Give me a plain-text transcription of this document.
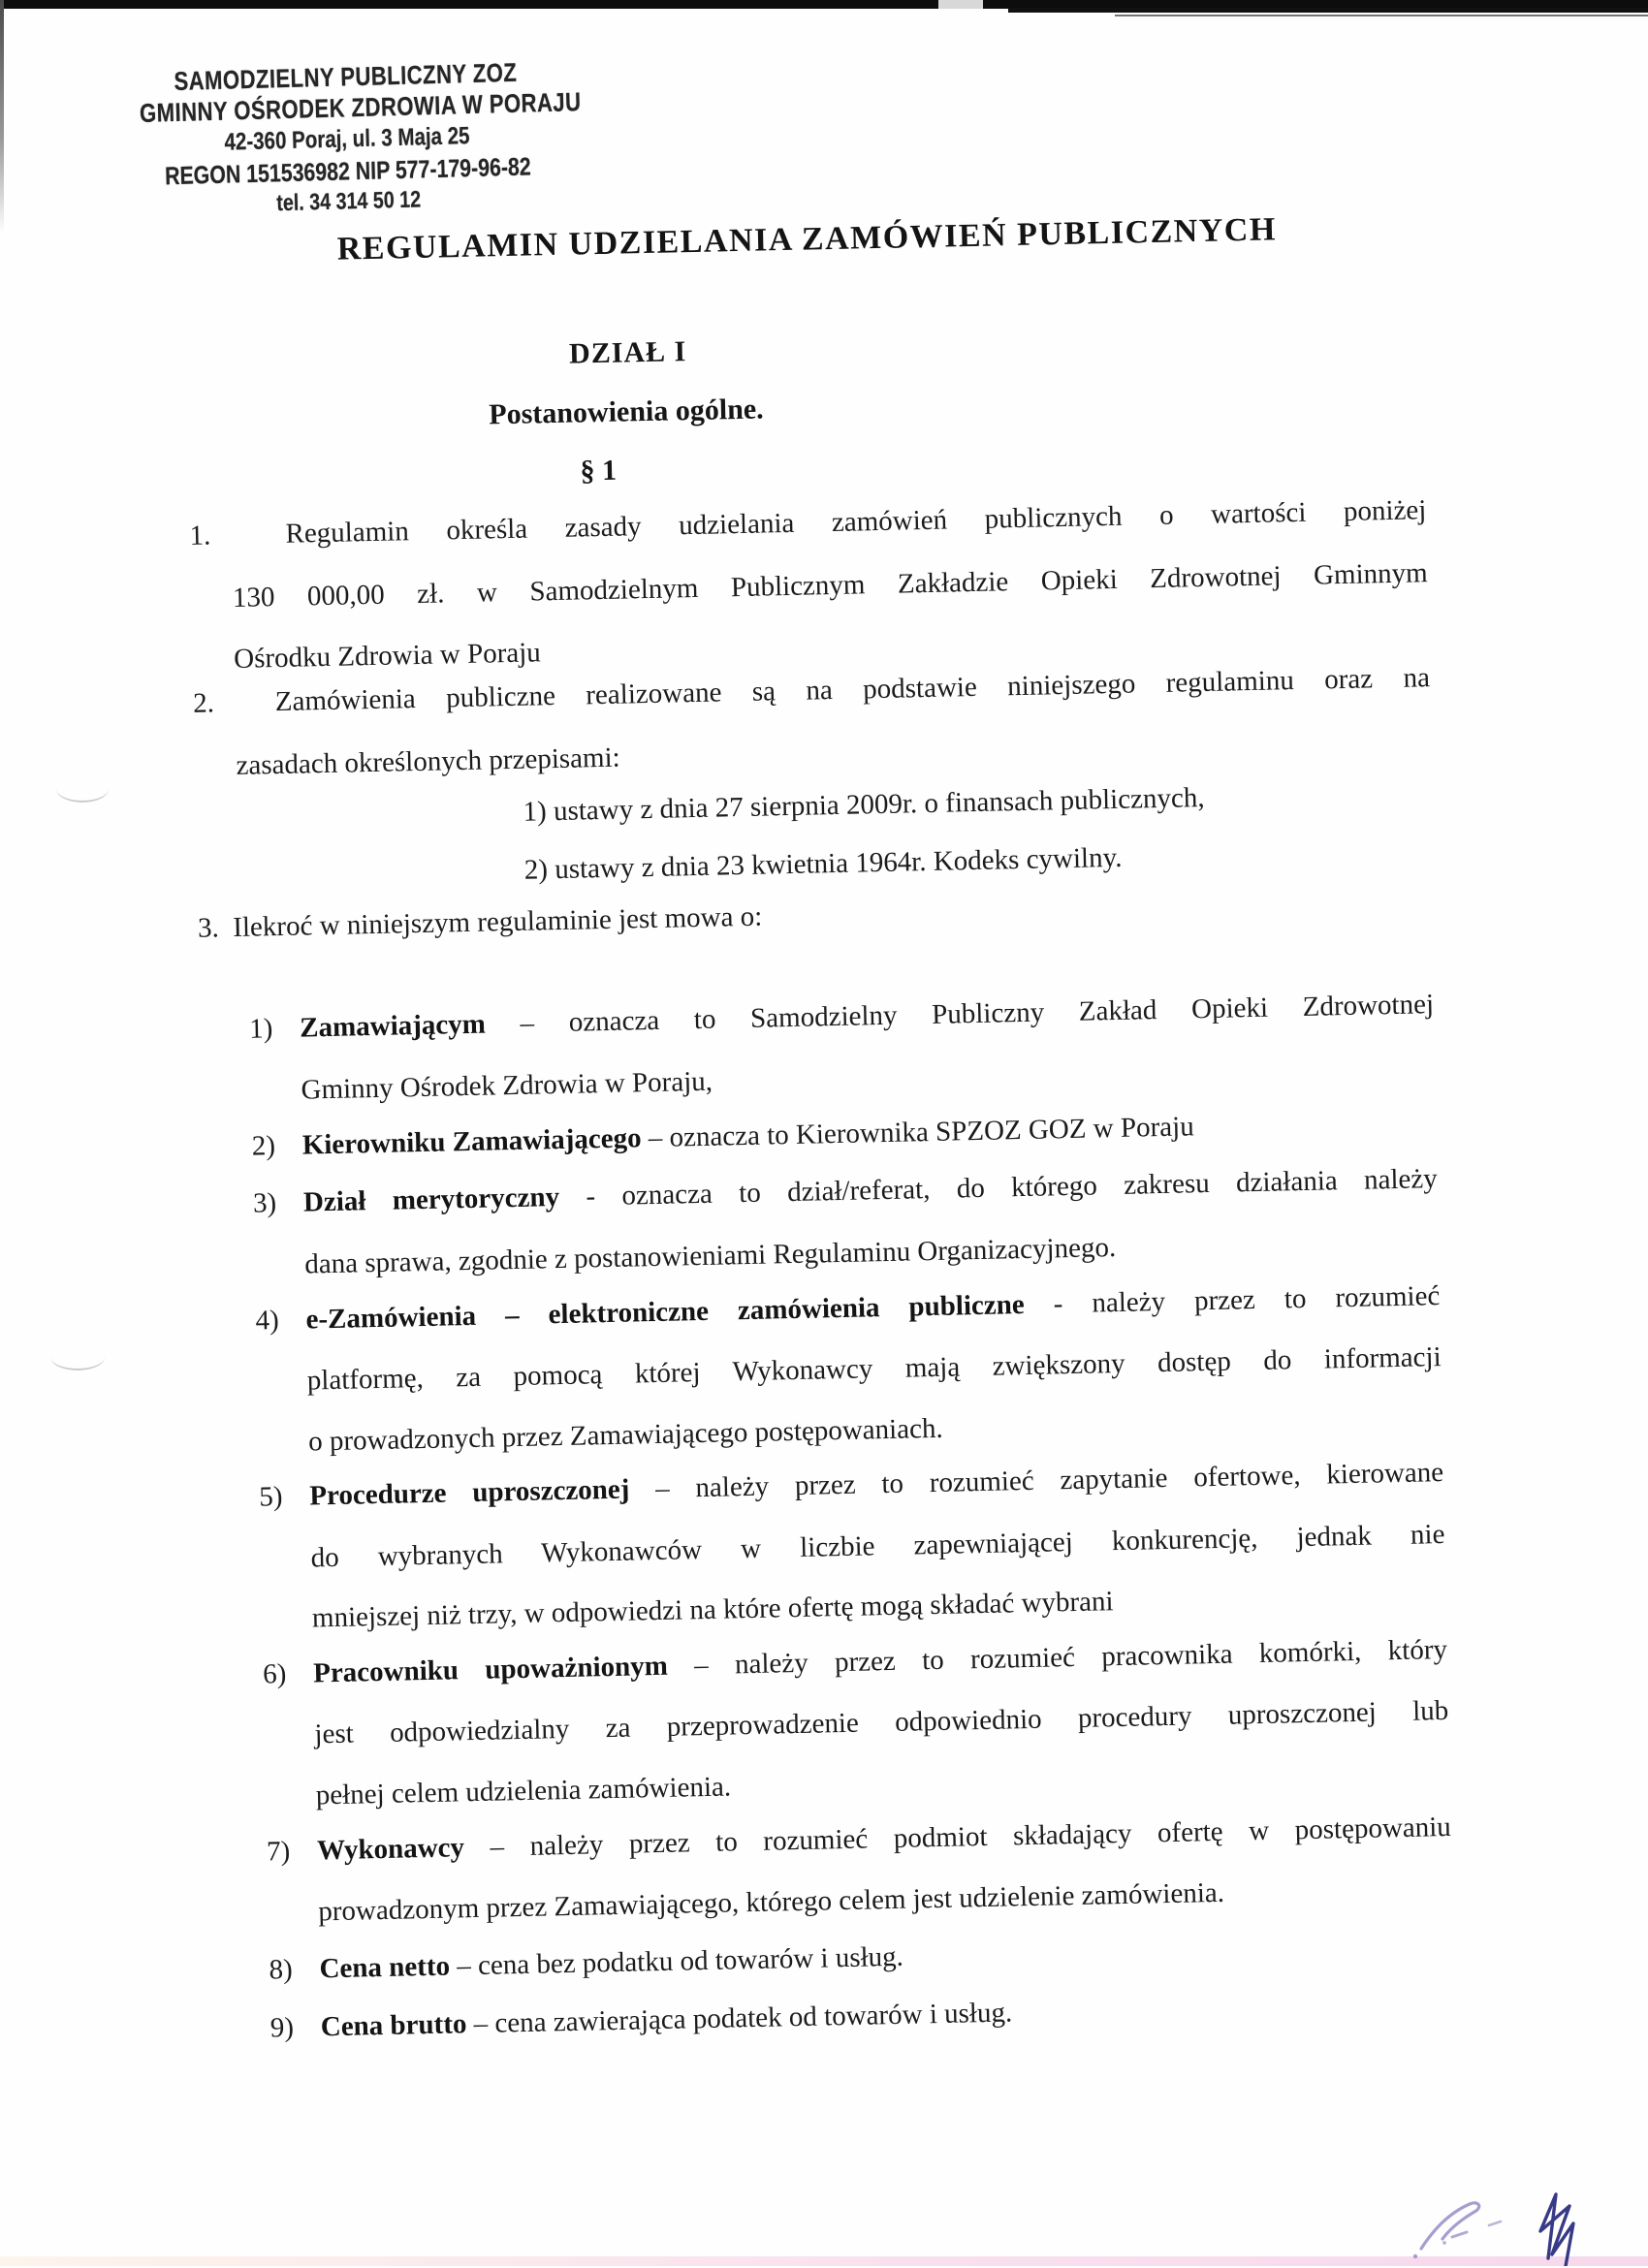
SAMODZIELNY PUBLICZNY ZOZ
GMINNY OŚRODEK ZDROWIA W PORAJU
42-360 Poraj, ul. 3 Maja 25
REGON 151536982 NIP 577-179-96-82
tel. 34 314 50 12
REGULAMIN UDZIELANIA ZAMÓWIEŃ PUBLICZNYCH
DZIAŁ I
Postanowienia ogólne.
§ 1
1.	Regulamin określa zasady udzielania zamówień publicznych o wartości poniżej
130 000,00 zł. w Samodzielnym Publicznym Zakładzie Opieki Zdrowotnej Gminnym
Ośrodku Zdrowia w Poraju
2. Zamówienia publiczne realizowane są na podstawie niniejszego regulaminu oraz na
zasadach określonych przepisami:
1) ustawy z dnia 27 sierpnia 2009r. o finansach publicznych,
2) ustawy z dnia 23 kwietnia 1964r. Kodeks cywilny.
3. Ilekroć w niniejszym regulaminie jest mowa o:
1) Zamawiającym – oznacza to Samodzielny Publiczny Zakład Opieki Zdrowotnej
Gminny Ośrodek Zdrowia w Poraju,
2) Kierowniku Zamawiającego – oznacza to Kierownika SPZOZ GOZ w Poraju
3) Dział merytoryczny - oznacza to dział/referat, do którego zakresu działania należy
dana sprawa, zgodnie z postanowieniami Regulaminu Organizacyjnego.
4) e-Zamówienia – elektroniczne zamówienia publiczne - należy przez to rozumieć
platformę, za pomocą której Wykonawcy mają zwiększony dostęp do informacji
o prowadzonych przez Zamawiającego postępowaniach.
5) Procedurze uproszczonej – należy przez to rozumieć zapytanie ofertowe, kierowane
do wybranych Wykonawców w liczbie zapewniającej konkurencję, jednak nie
mniejszej niż trzy, w odpowiedzi na które ofertę mogą składać wybrani
6) Pracowniku upoważnionym – należy przez to rozumieć pracownika komórki, który
jest odpowiedzialny za przeprowadzenie odpowiednio procedury uproszczonej lub
pełnej celem udzielenia zamówienia.
7) Wykonawcy – należy przez to rozumieć podmiot składający ofertę w postępowaniu
prowadzonym przez Zamawiającego, którego celem jest udzielenie zamówienia.
8) Cena netto – cena bez podatku od towarów i usług.
9) Cena brutto – cena zawierająca podatek od towarów i usług.
